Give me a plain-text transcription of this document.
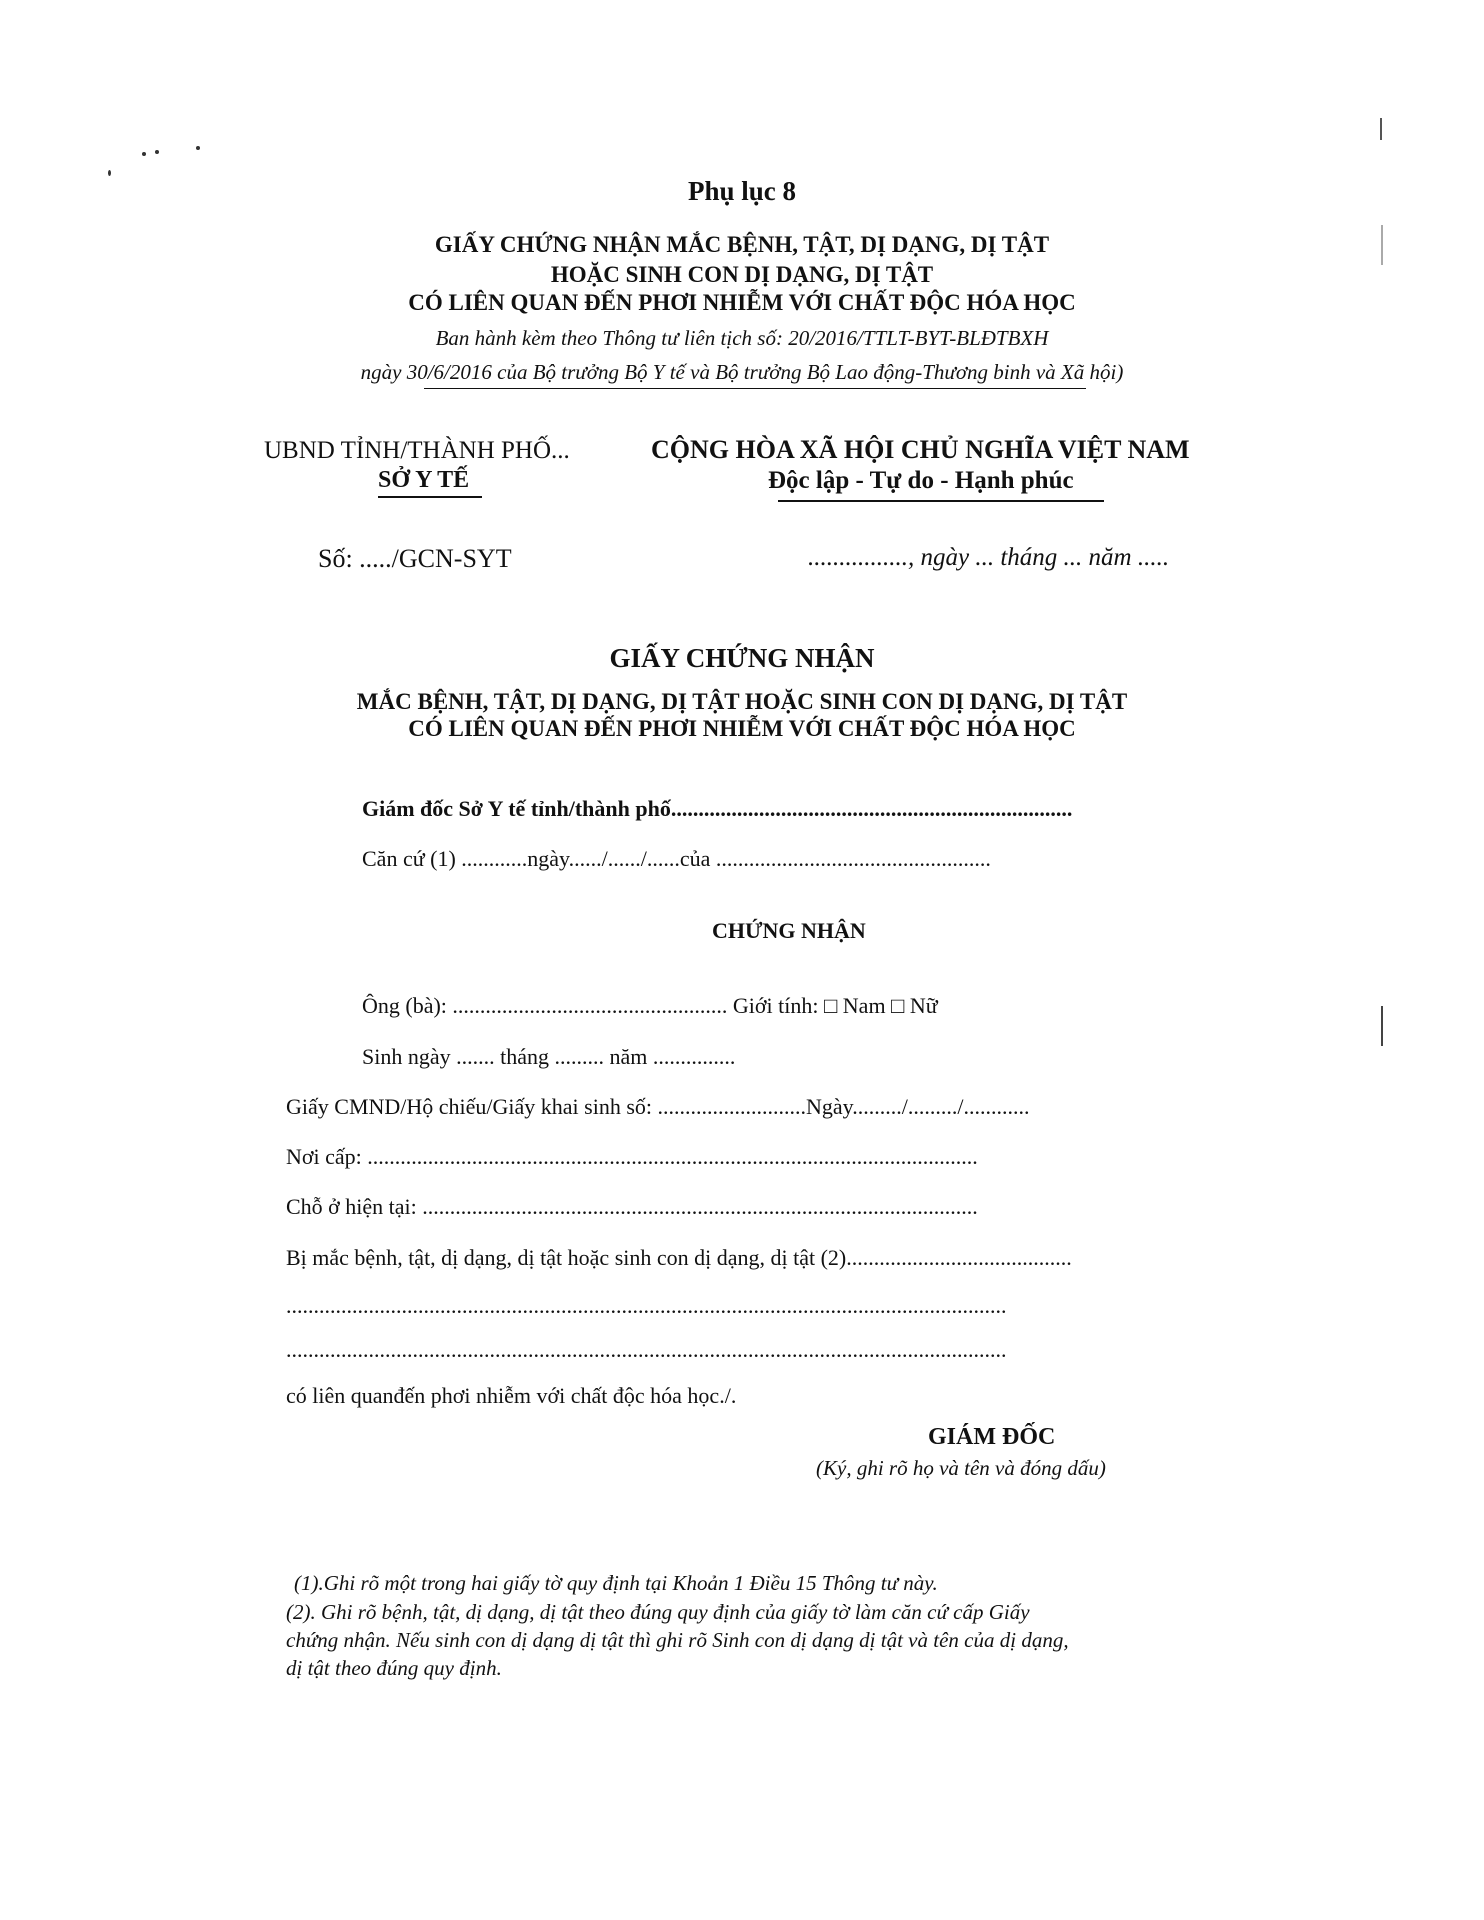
Phụ lục 8
GIẤY CHỨNG NHẬN MẮC BỆNH, TẬT, DỊ DẠNG, DỊ TẬT
HOẶC SINH CON DỊ DẠNG, DỊ TẬT
CÓ LIÊN QUAN ĐẾN PHƠI NHIỄM VỚI CHẤT ĐỘC HÓA HỌC
Ban hành kèm theo Thông tư liên tịch số: 20/2016/TTLT-BYT-BLĐTBXH
ngày 30/6/2016 của Bộ trưởng Bộ Y tế và Bộ trưởng Bộ Lao động-Thương binh và Xã hội)
UBND TỈNH/THÀNH PHỐ...
SỞ Y TẾ
CỘNG HÒA XÃ HỘI CHỦ NGHĨA VIỆT NAM
Độc lập - Tự do - Hạnh phúc
Số: ...../GCN-SYT	................, ngày ... tháng ... năm .....
GIẤY CHỨNG NHẬN
MẮC BỆNH, TẬT, DỊ DẠNG, DỊ TẬT HOẶC SINH CON DỊ DẠNG, DỊ TẬT
CÓ LIÊN QUAN ĐẾN PHƠI NHIỄM VỚI CHẤT ĐỘC HÓA HỌC
Giám đốc Sở Y tế tỉnh/thành phố.........................................................................
Căn cứ (1) ............ngày....../....../......của ..................................................
CHỨNG NHẬN
Ông (bà): .................................................. Giới tính: □ Nam □ Nữ
Sinh ngày ....... tháng ......... năm ...............
Giấy CMND/Hộ chiếu/Giấy khai sinh số: ...........................Ngày........./........./............
Nơi cấp: ...............................................................................................................
Chỗ ở hiện tại: .....................................................................................................
Bị mắc bệnh, tật, dị dạng, dị tật hoặc sinh con dị dạng, dị tật (2).........................................
...................................................................................................................................
...................................................................................................................................
có liên quanđến phơi nhiễm với chất độc hóa học./.
GIÁM ĐỐC
(Ký, ghi rõ họ và tên và đóng dấu)
(1).Ghi rõ một trong hai giấy tờ quy định tại Khoản 1 Điều 15 Thông tư này.
(2). Ghi rõ bệnh, tật, dị dạng, dị tật theo đúng quy định của giấy tờ làm căn cứ cấp Giấy
chứng nhận. Nếu sinh con dị dạng dị tật thì ghi rõ Sinh con dị dạng dị tật và tên của dị dạng,
dị tật theo đúng quy định.
